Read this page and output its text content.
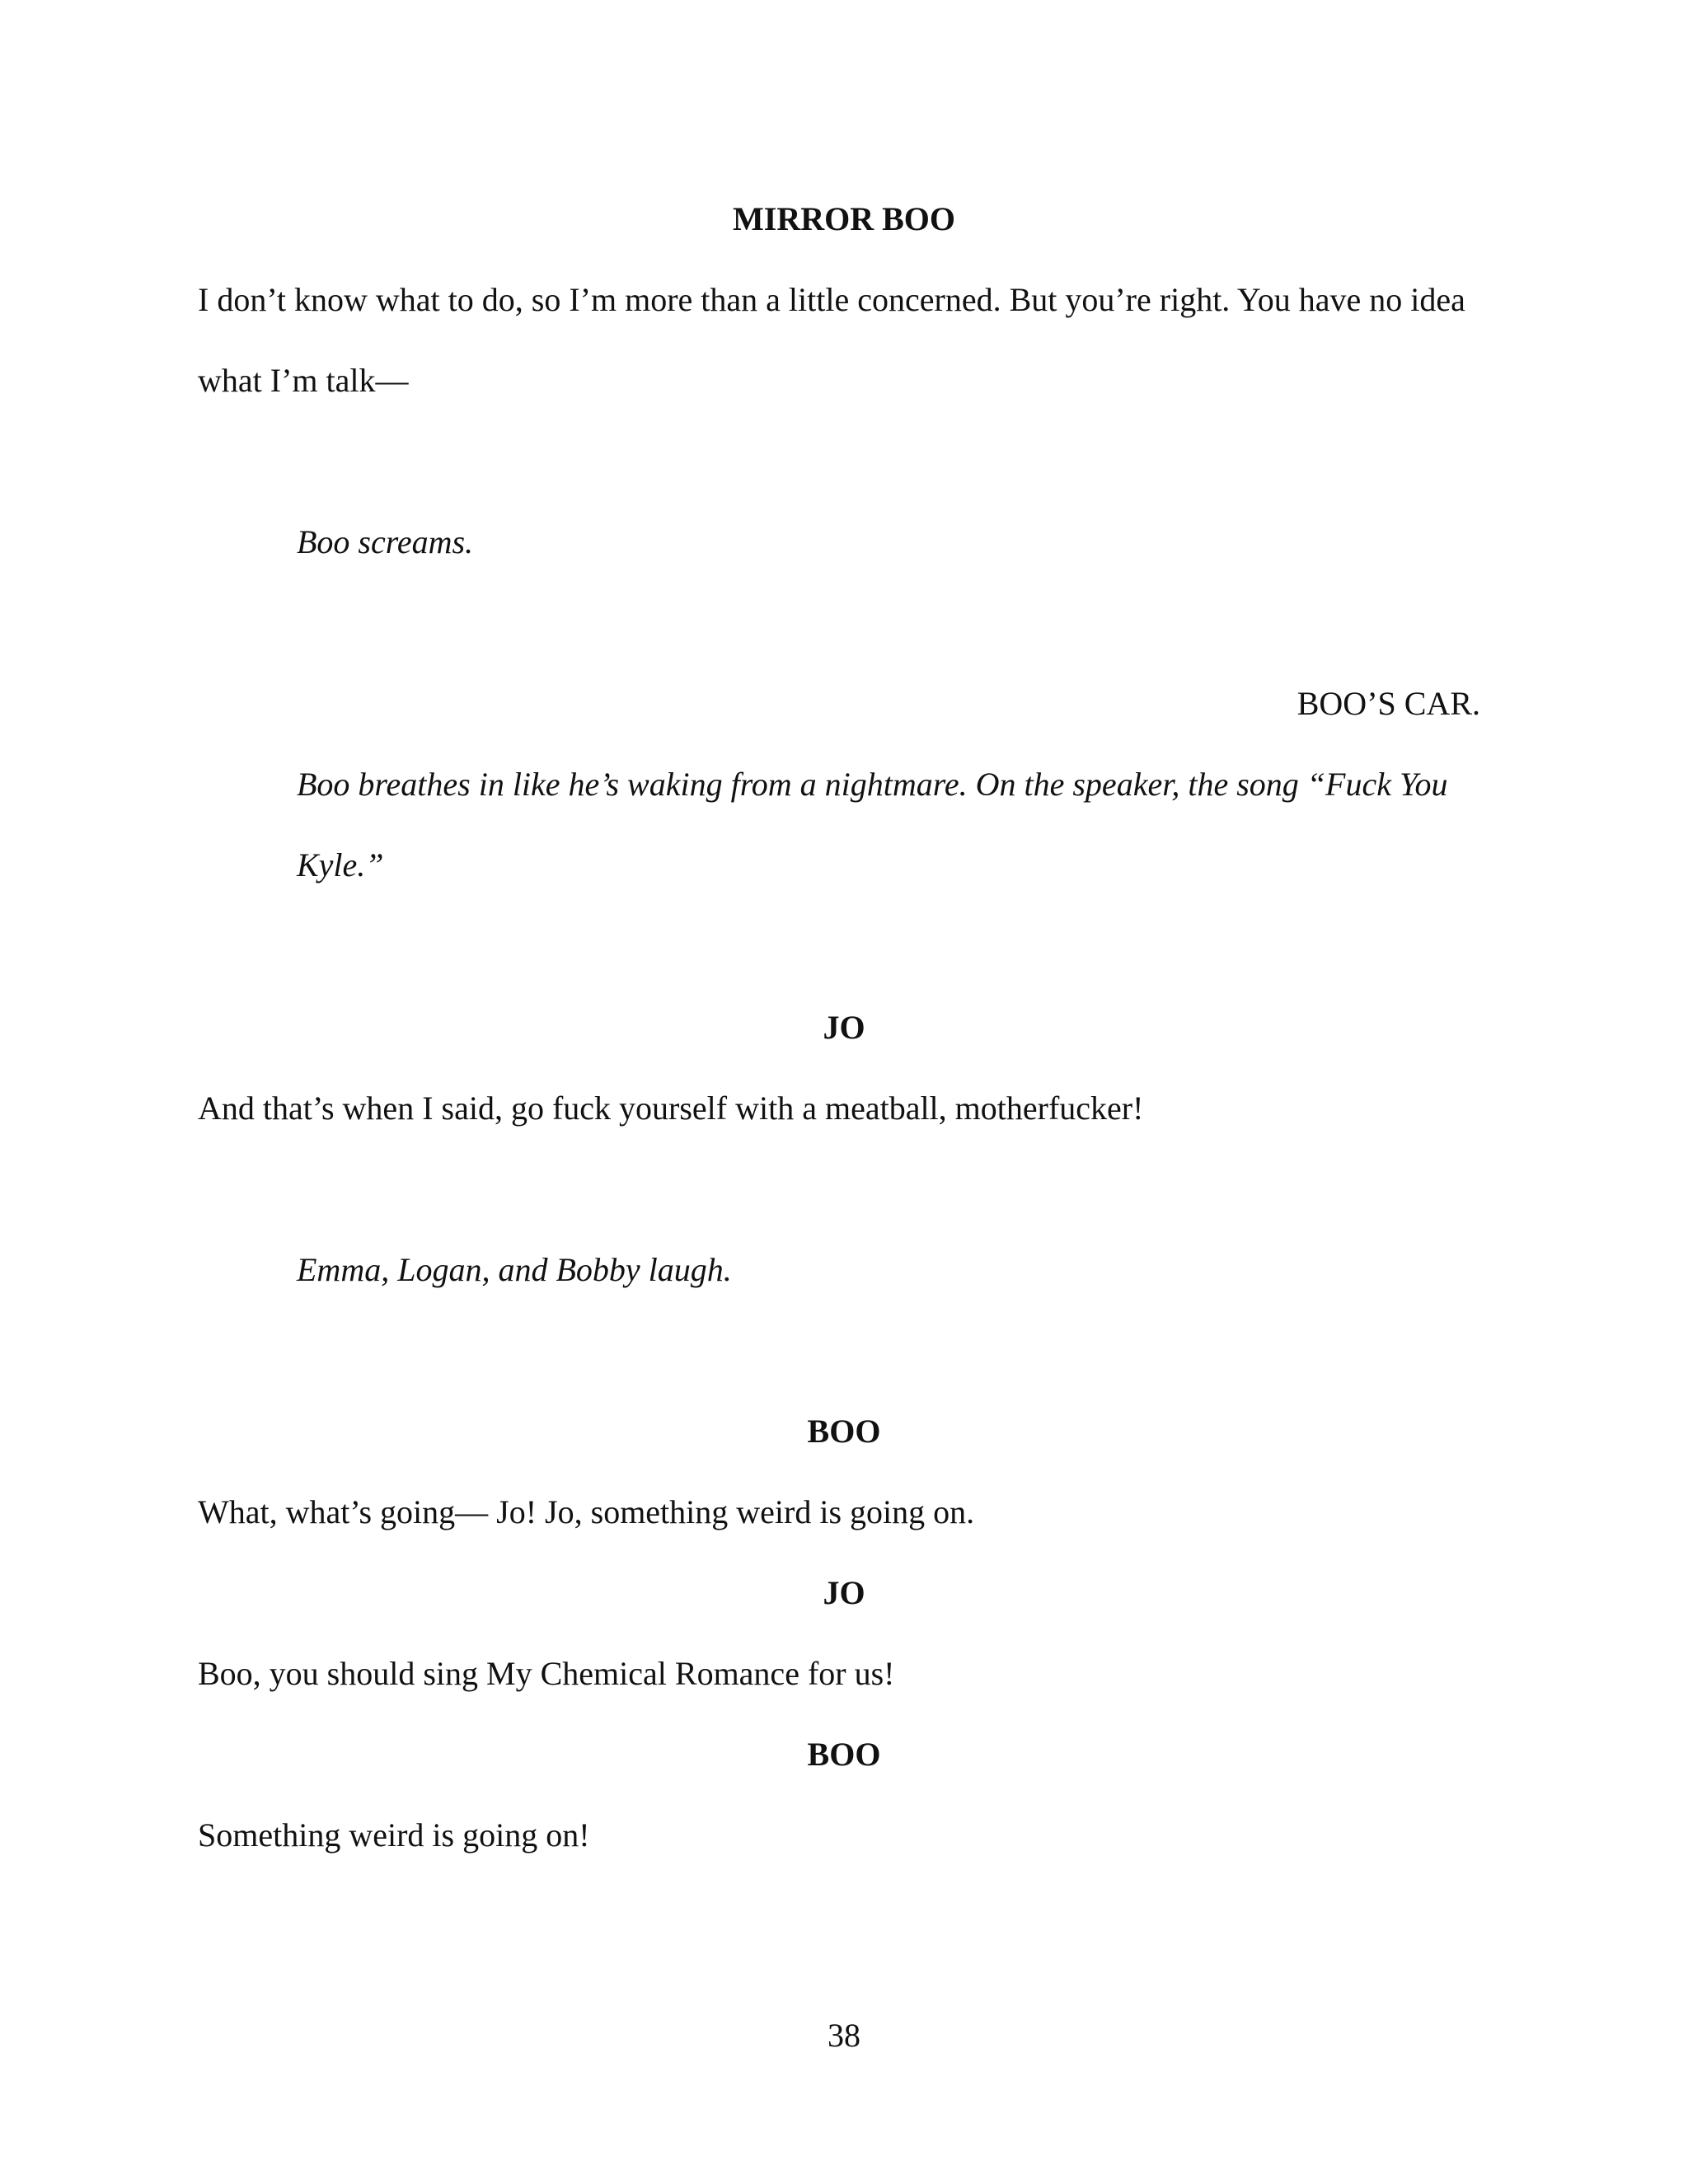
MIRROR BOO
I don’t know what to do, so I’m more than a little concerned. But you’re right. You have no idea
what I’m talk—
Boo screams.
BOO’S CAR.
Boo breathes in like he’s waking from a nightmare. On the speaker, the song “Fuck You
Kyle.”
JO
And that’s when I said, go fuck yourself with a meatball, motherfucker!
Emma, Logan, and Bobby laugh.
BOO
What, what’s going— Jo! Jo, something weird is going on.
JO
Boo, you should sing My Chemical Romance for us!
BOO
Something weird is going on!
38
